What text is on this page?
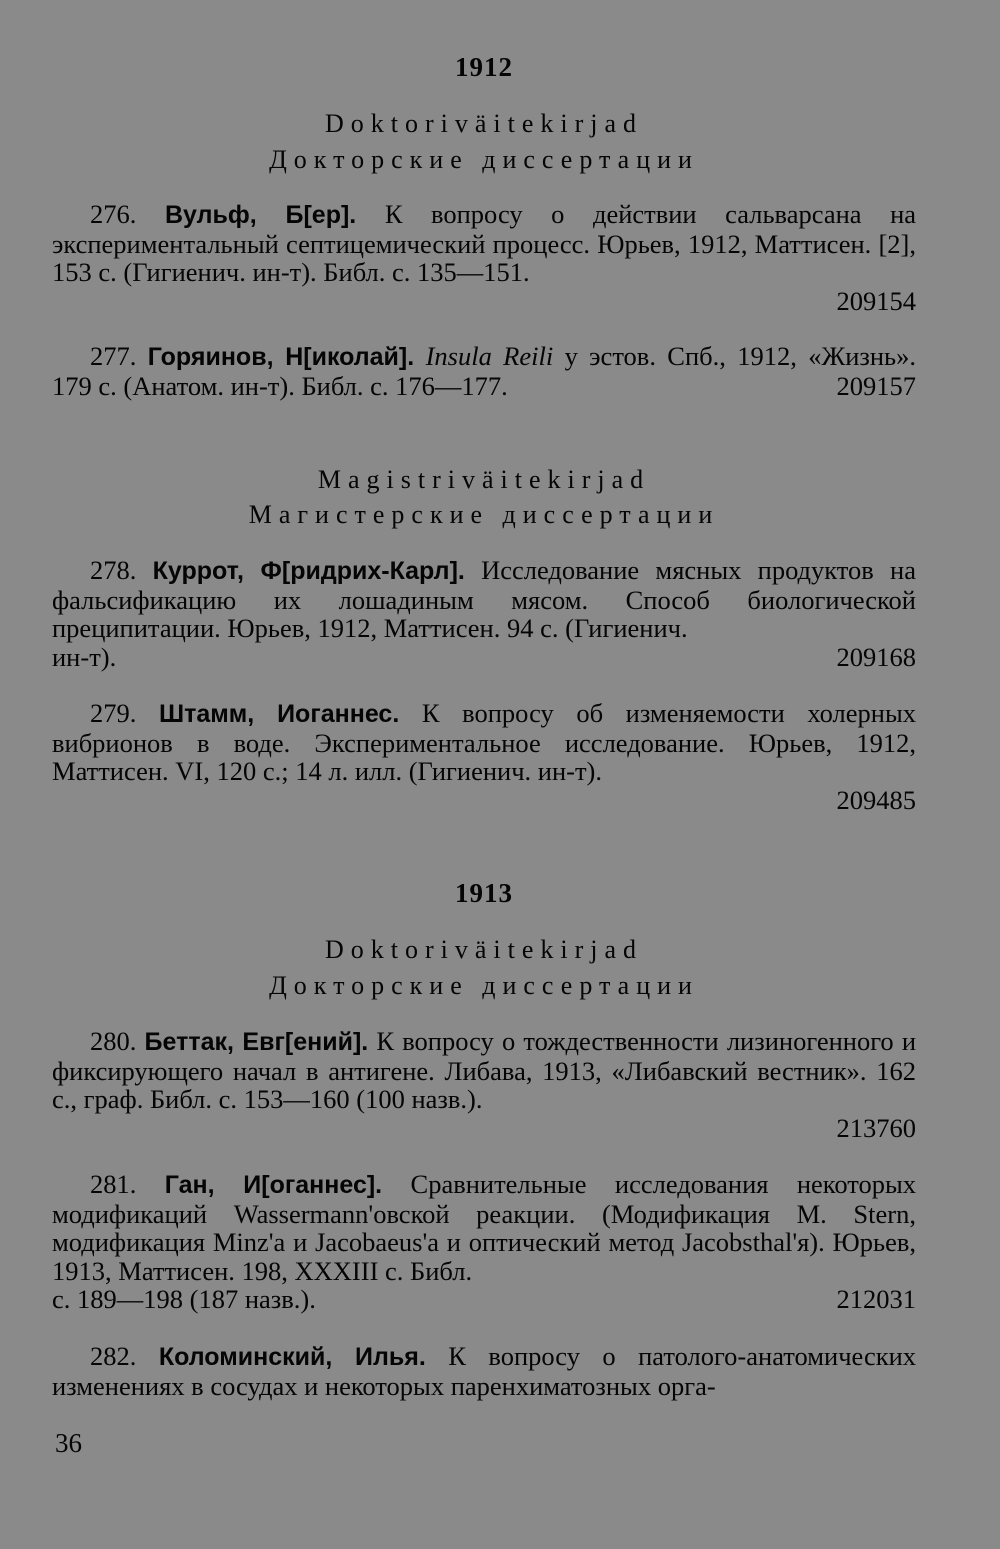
1912
Doktoriväitekirjad
Докторские диссертации

276. Вульф, Б[ер]. К вопросу о действии сальварсана на экспериментальный септицемический процесс. Юрьев, 1912, Маттисен. [2], 153 с. (Гигиенич. ин-т). Библ. с. 135—151.

209154

277. Горяинов, Н[иколай]. Insula Reili у эстов. Спб., 1912, «Жизнь». 179 с. (Анатом. ин-т). Библ. с. 176—177.	209157

Magistriväitekirjad
Магистерские диссертации

278. Куррот, Ф[ридрих-Карл]. Исследование мясных продуктов на фальсификацию их лошадиным мясом. Способ биологической преципитации. Юрьев, 1912, Маттисен. 94 с. (Гигиенич.

ин-т).	209168

279. Штамм, Иоганнес. К вопросу об изменяемости холерных вибрионов в воде. Экспериментальное исследование. Юрьев, 1912, Маттисен. VI, 120 с.; 14 л. илл. (Гигиенич. ин-т).

209485

1913
Doktoriväitekirjad
Докторские диссертации

280. Беттак, Евг[ений]. К вопросу о тождественности лизиногенного и фиксирующего начал в антигене. Либава, 1913, «Либавский вестник». 162 с., граф. Библ. с. 153—160 (100 назв.).

213760

281. Ган, И[оганнес]. Сравнительные исследования некоторых модификаций Wassermann'овской реакции. (Модификация M. Stern, модификация Minz'a и Jacobaeus'a и оптический метод Jacobsthal'я). Юрьев, 1913, Маттисен. 198, XXXIII с. Библ.

с. 189—198 (187 назв.).	212031

282. Коломинский, Илья. К вопросу о патолого-анатомических изменениях в сосудах и некоторых паренхиматозных орга-

36
